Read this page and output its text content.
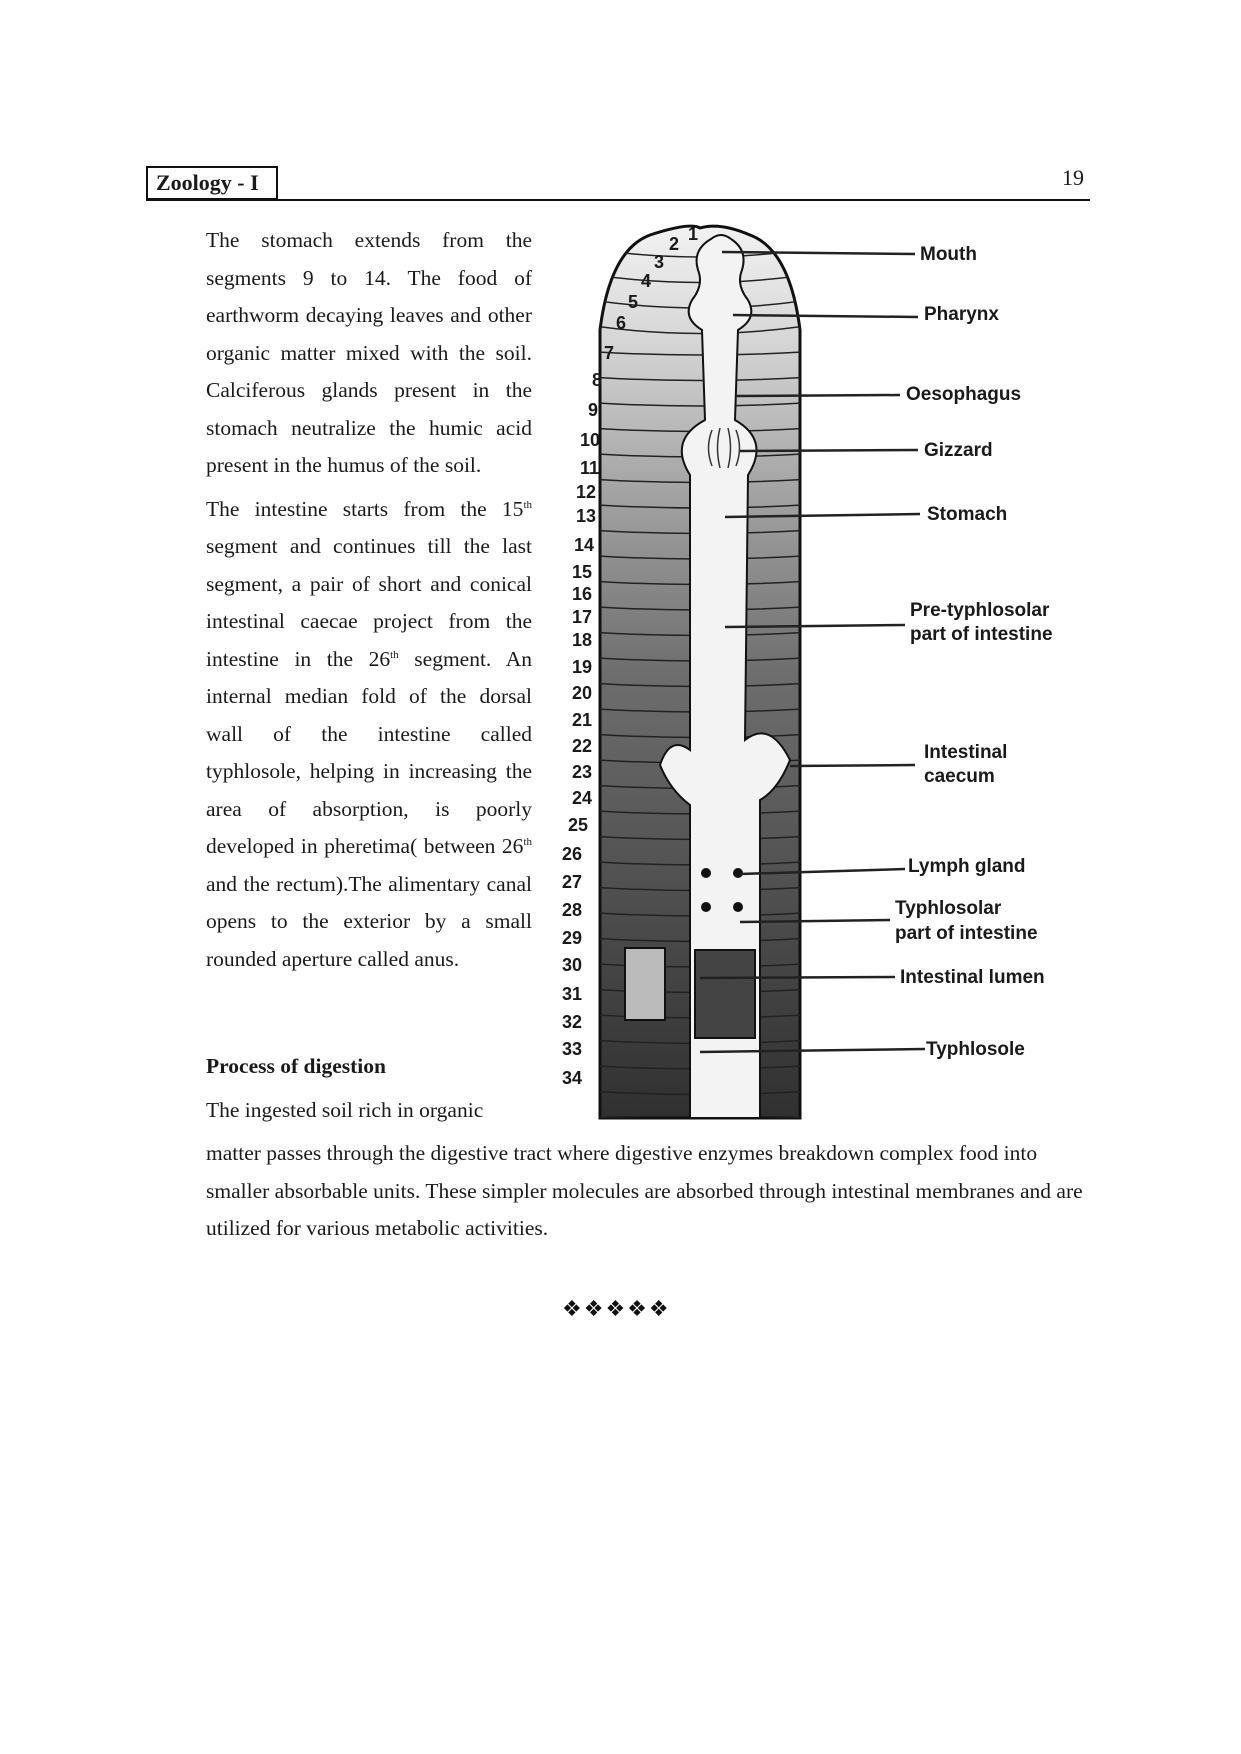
Zoology - I	19

The stomach extends from the segments 9 to 14. The food of earthworm decaying leaves and other organic matter mixed with the soil. Calciferous glands present in the stomach neutralize the humic acid present in the humus of the soil.

The intestine starts from the 15th segment and continues till the last segment, a pair of short and conical intestinal caecae project from the intestine in the 26th segment. An internal median fold of the dorsal wall of the intestine called typhlosole, helping in increasing the area of absorption, is poorly developed in pheretima( between 26th and the rectum).The alimentary canal opens to the exterior by a small rounded aperture called anus.

Process of digestion
The ingested soil rich in organic

matter passes through the digestive tract where digestive enzymes breakdown complex food into smaller absorbable units. These simpler molecules are absorbed through intestinal membranes and are utilized for various metabolic activities.

❖❖❖❖❖
Mouth
Pharynx
Oesophagus
Gizzard
Stomach
Pre-typhlosolar
part of intestine
Intestinal
caecum
Lymph gland
Typhlosolar
part of intestine
Intestinal lumen
Typhlosole
1
2
3
4
5
6
7
8
9
10
11
12
13
14
15
16
17
18
19
20
21
22
23
24
25
26
27
28
29
30
31
32
33
34
